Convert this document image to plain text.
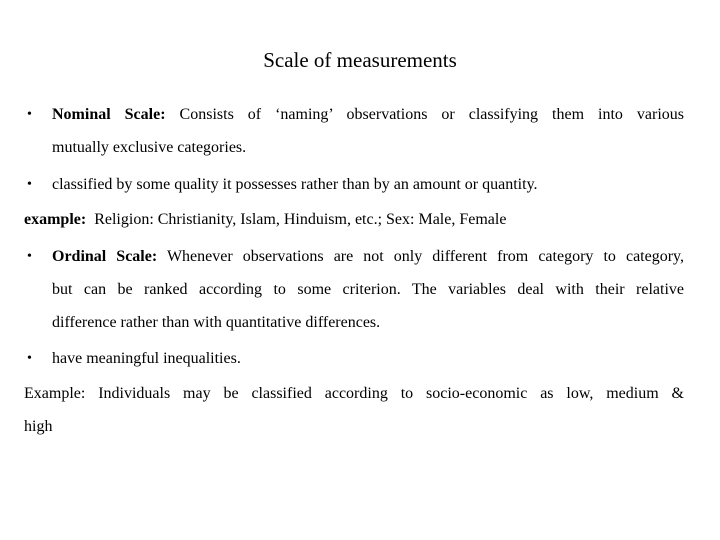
Scale of measurements
• Nominal Scale: Consists of ‘naming’ observations or classifying them into various
mutually exclusive categories.
• classified by some quality it possesses rather than by an amount or quantity.
example: Religion: Christianity, Islam, Hinduism, etc.; Sex: Male, Female
• Ordinal Scale: Whenever observations are not only different from category to category,
but can be ranked according to some criterion. The variables deal with their relative
difference rather than with quantitative differences.
• have meaningful inequalities.
Example: Individuals may be classified according to socio-economic as low, medium &
high
